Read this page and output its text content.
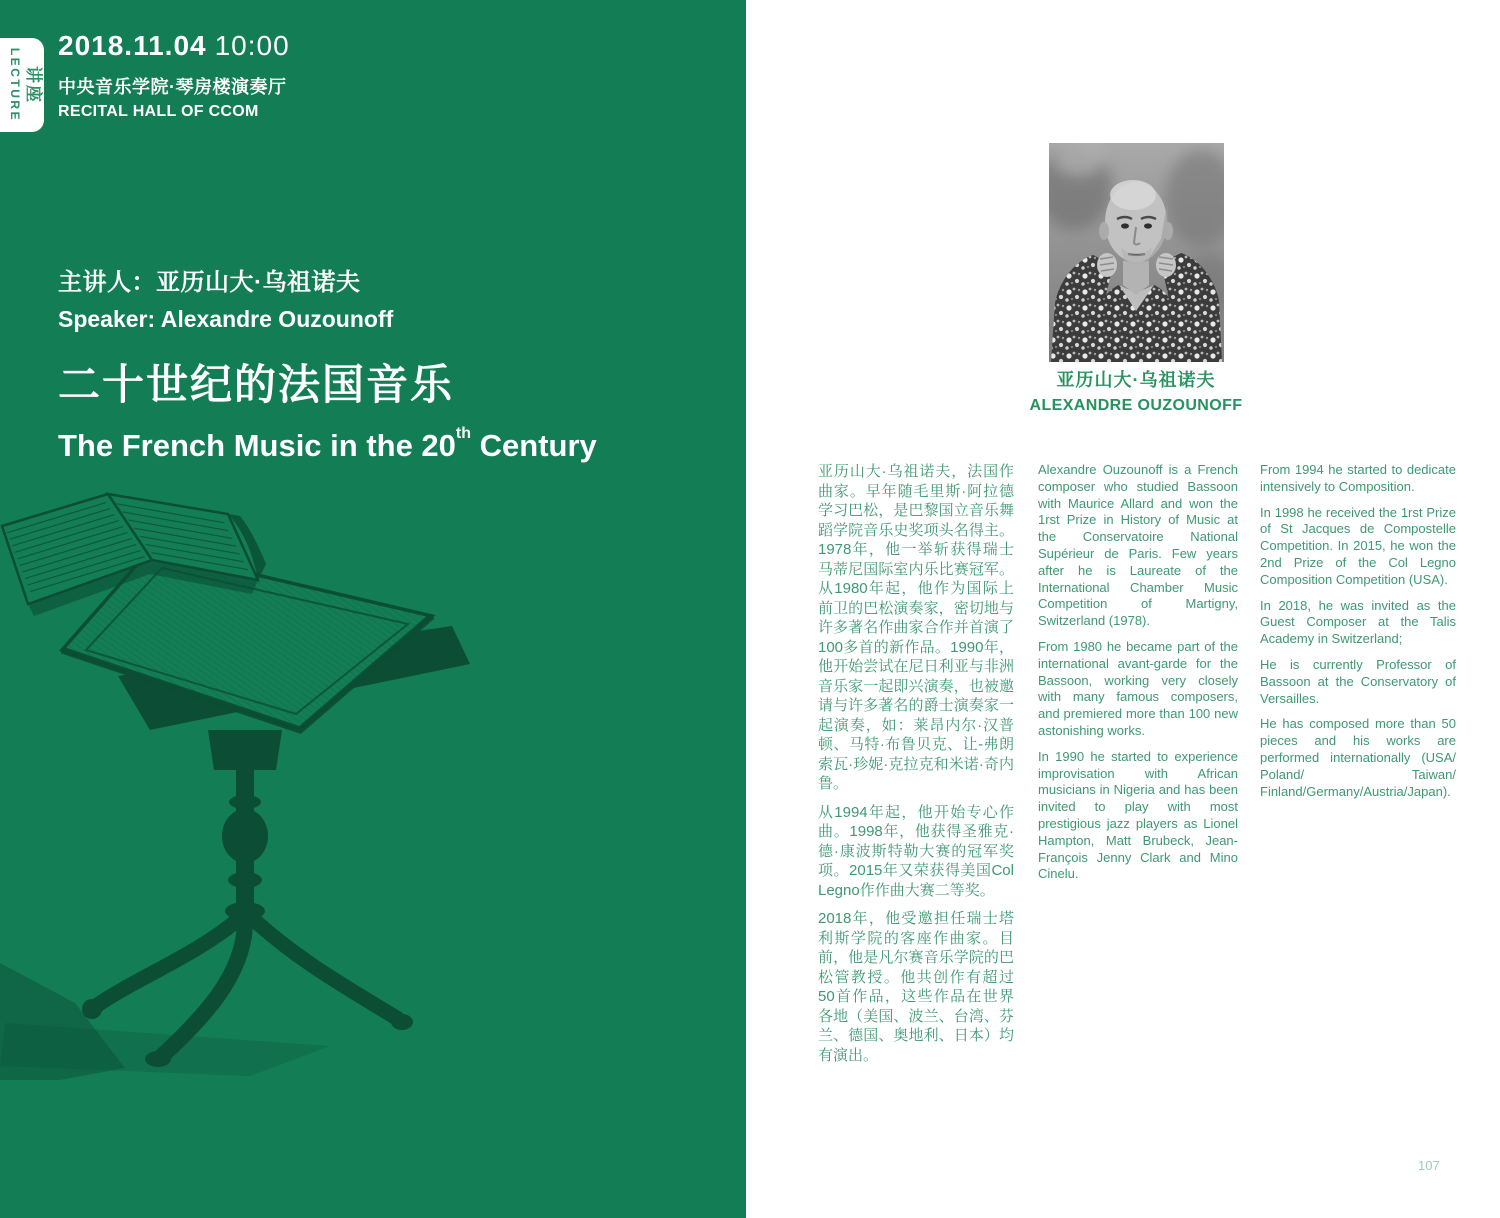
讲座
LECTURE
2018.11.04 10:00
中央音乐学院·琴房楼演奏厅
RECITAL HALL OF CCOM
主讲人：亚历山大·乌祖诺夫
Speaker: Alexandre Ouzounoff
二十世纪的法国音乐
The French Music in the 20th Century
亚历山大·乌祖诺夫
ALEXANDRE OUZOUNOFF

亚历山大·乌祖诺夫，法国作曲家。早年随毛里斯·阿拉德学习巴松，是巴黎国立音乐舞蹈学院音乐史奖项头名得主。1978年，他一举斩获得瑞士马蒂尼国际室内乐比赛冠军。从1980年起，他作为国际上前卫的巴松演奏家，密切地与许多著名作曲家合作并首演了100多首的新作品。1990年，他开始尝试在尼日利亚与非洲音乐家一起即兴演奏，也被邀请与许多著名的爵士演奏家一起演奏，如：莱昂内尔·汉普顿、马特·布鲁贝克、让-弗朗索瓦·珍妮·克拉克和米诺·奇内鲁。

从1994年起，他开始专心作曲。1998年，他获得圣雅克·德·康波斯特勒大赛的冠军奖项。2015年又荣获得美国Col Legno作作曲大赛二等奖。

2018年，他受邀担任瑞士塔利斯学院的客座作曲家。目前，他是凡尔赛音乐学院的巴松管教授。他共创作有超过50首作品，这些作品在世界各地（美国、波兰、台湾、芬兰、德国、奥地利、日本）均有演出。

Alexandre Ouzounoff is a French composer who studied Bassoon with Maurice Allard and won the 1rst Prize in History of Music at the Conservatoire National Supérieur de Paris. Few years after he is Laureate of the International Chamber Music Competition of Martigny, Switzerland (1978).

From 1980 he became part of the international avant-garde for the Bassoon, working very closely with many famous composers, and premiered more than 100 new astonishing works.

In 1990 he started to experience improvisation with African musicians in Nigeria and has been invited to play with most prestigious jazz players as Lionel Hampton, Matt Brubeck, Jean-François Jenny Clark and Mino Cinelu.

From 1994 he started to dedicate intensively to Composition.

In 1998 he received the 1rst Prize of St Jacques de Compostelle Competition. In 2015, he won the 2nd Prize of the Col Legno Composition Competition (USA).

In 2018, he was invited as the Guest Composer at the Talis Academy in Switzerland;

He is currently Professor of Bassoon at the Conservatory of Versailles.

He has composed more than 50 pieces and his works are performed internationally (USA/ Poland/ Taiwan/ Finland/Germany/Austria/Japan).

107
